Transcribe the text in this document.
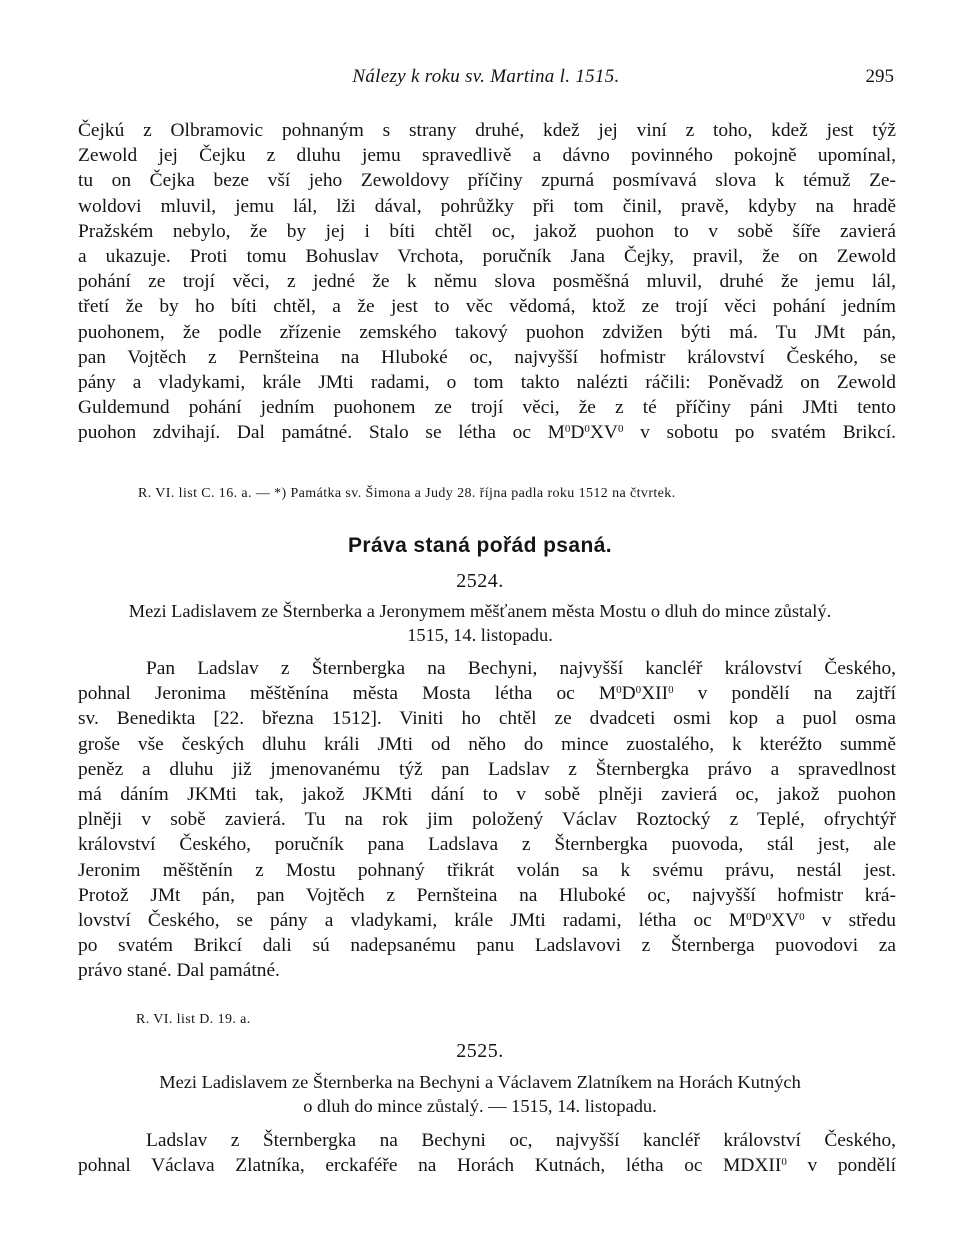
Nálezy k roku sv. Martina l. 1515.	295
Čejkú z Olbramovic pohnaným s strany druhé, kdež jej viní z toho, kdež jest týž
Zewold jej Čejku z dluhu jemu spravedlivě a dávno povinného pokojně upomínal,
tu on Čejka beze vší jeho Zewoldovy příčiny zpurná posmívavá slova k témuž Ze-
woldovi mluvil, jemu lál, lži dával, pohrůžky při tom činil, pravě, kdyby na hradě
Pražském nebylo, že by jej i bíti chtěl oc, jakož puohon to v sobě šíře zavierá
a ukazuje. Proti tomu Bohuslav Vrchota, poručník Jana Čejky, pravil, že on Zewold
pohání ze trojí věci, z jedné že k němu slova posměšná mluvil, druhé že jemu lál,
třetí že by ho bíti chtěl, a že jest to věc vědomá, ktož ze trojí věci pohání jedním
puohonem, že podle zřízenie zemského takový puohon zdvižen býti má. Tu JMt pán,
pan Vojtěch z Pernšteina na Hluboké oc, najvyšší hofmistr království Českého, se
pány a vladykami, krále JMti radami, o tom takto nalézti ráčili: Poněvadž on Zewold
Guldemund pohání jedním puohonem ze trojí věci, že z té příčiny páni JMti tento
puohon zdvihají. Dal památné. Stalo se létha oc $M^0D^0XV^0$ v sobotu po svatém Brikcí.
R. VI. list C. 16. a. — *) Památka sv. Šimona a Judy 28. října padla roku 1512 na čtvrtek.
Práva staná pořád psaná.
2524.
Mezi Ladislavem ze Šternberka a Jeronymem měšťanem města Mostu o dluh do mince zůstalý.
1515, 14. listopadu.
Pan Ladslav z Šternbergka na Bechyni, najvyšší kancléř království Českého,
pohnal Jeronima měštěnína města Mosta létha oc $M^0D^0XII^0$ v pondělí na zajtří
sv. Benedikta [22. března 1512]. Viniti ho chtěl ze dvadceti osmi kop a puol osma
groše vše českých dluhu králi JMti od něho do mince zuostalého, k kteréžto summě
peněz a dluhu již jmenovanému týž pan Ladslav z Šternbergka právo a spravedlnost
má dáním JKMti tak, jakož JKMti dání to v sobě plněji zavierá oc, jakož puohon
plněji v sobě zavierá. Tu na rok jim položený Václav Roztocký z Teplé, ofrychtýř
království Českého, poručník pana Ladslava z Šternbergka puovoda, stál jest, ale
Jeronim měštěnín z Mostu pohnaný třikrát volán sa k svému právu, nestál jest.
Protož JMt pán, pan Vojtěch z Pernšteina na Hluboké oc, najvyšší hofmistr krá-
lovství Českého, se pány a vladykami, krále JMti radami, létha oc $M^0D^0XV^0$ v středu
po svatém Brikcí dali sú nadepsanému panu Ladslavovi z Šternberga puovodovi za
právo stané. Dal památné.
R. VI. list D. 19. a.
2525.
Mezi Ladislavem ze Šternberka na Bechyni a Václavem Zlatníkem na Horách Kutných
o dluh do mince zůstalý. — 1515, 14. listopadu.
Ladslav z Šternbergka na Bechyni oc, najvyšší kancléř království Českého,
pohnal Václava Zlatníka, erckaféře na Horách Kutnách, létha oc MDXII$^0$ v pondělí
